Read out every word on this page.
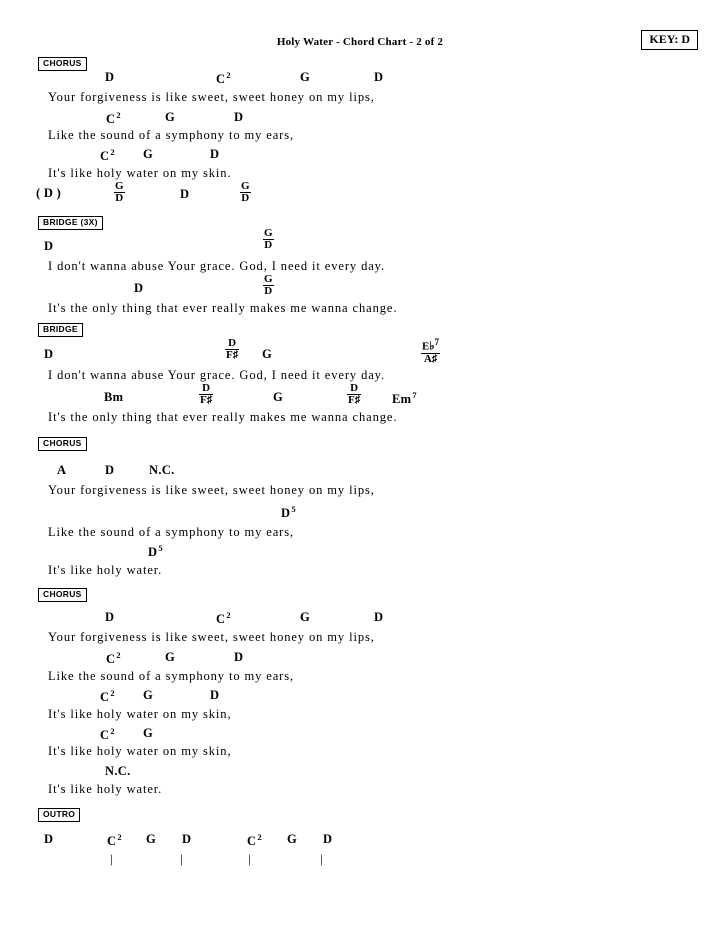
Holy Water - Chord Chart - 2 of 2	KEY: D
CHORUS
D	$C^2$	G	D
Your forgiveness is like sweet, sweet honey on my lips,
$C^2$	G	D
Like the sound of a symphony to my ears,
$C^2$ G	D
It's like holy water on my skin.
( D )	G
D	D
G
D
BRIDGE (3X)
D
G
D
I don't wanna abuse Your grace. God, I need it every day.
D
G
D
It's the only thing that ever really makes me wanna change.
BRIDGE
D
D
F♯ G
E♭$^7$
A♯
I don't wanna abuse Your grace. God, I need it every day.
Bm
D
F♯	G
D
F♯	Em$^7$
It's the only thing that ever really makes me wanna change.
CHORUS
A	D	N.C.
Your forgiveness is like sweet, sweet honey on my lips,
$D^5$
Like the sound of a symphony to my ears,
$D^5$
It's like holy water.
CHORUS
D	$C^2$	G	D
Your forgiveness is like sweet, sweet honey on my lips,
$C^2$	G	D
Like the sound of a symphony to my ears,
$C^2$ G	D
It's like holy water on my skin,
$C^2$ G
It's like holy water on my skin,
N.C.
It's like holy water.
OUTRO
D	$C^2$ G D	$C^2$ G D
|	|	|	|
